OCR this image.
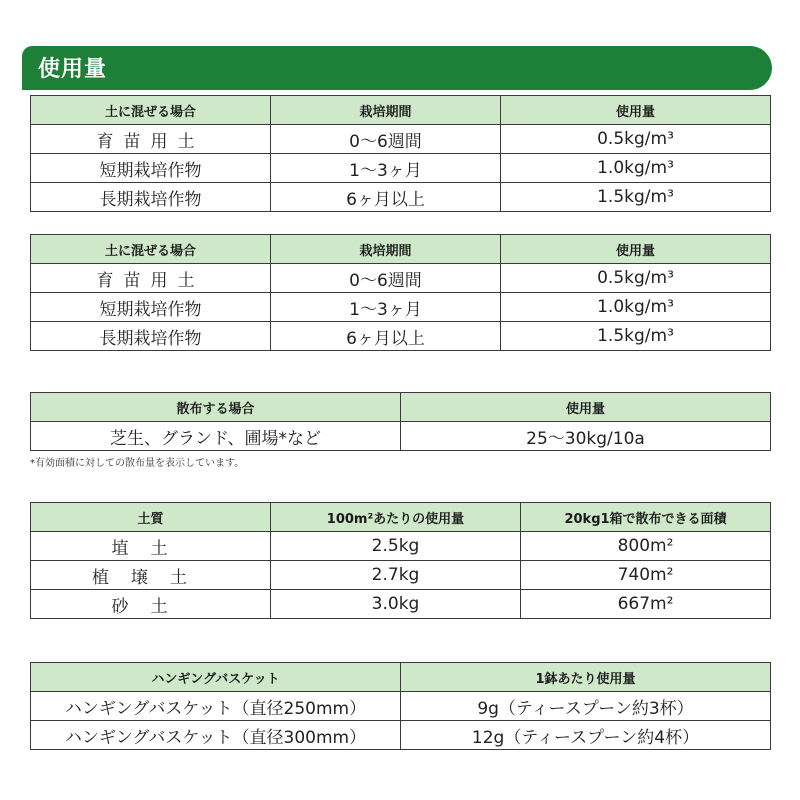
使用量
土に混ぜる場合	栽培期間	使用量
育苗用土	0〜6週間	0.5kg/m³
短期栽培作物	1〜3ヶ月	1.0kg/m³
長期栽培作物	6ヶ月以上	1.5kg/m³
土に混ぜる場合	栽培期間	使用量
育苗用土	0〜6週間	0.5kg/m³
短期栽培作物	1〜3ヶ月	1.0kg/m³
長期栽培作物	6ヶ月以上	1.5kg/m³
散布する場合	使用量
芝生、グランド、圃場*など	25〜30kg/10a
*有効面積に対しての散布量を表示しています。
土質	100m²あたりの使用量	20kg1箱で散布できる面積
埴土	2.5kg	800m²
植壌土	2.7kg	740m²
砂土	3.0kg	667m²
ハンギングバスケット	1鉢あたり使用量
ハンギングバスケット（直径250mm）	9g（ティースプーン約3杯）
ハンギングバスケット（直径300mm）	12g（ティースプーン約4杯）
